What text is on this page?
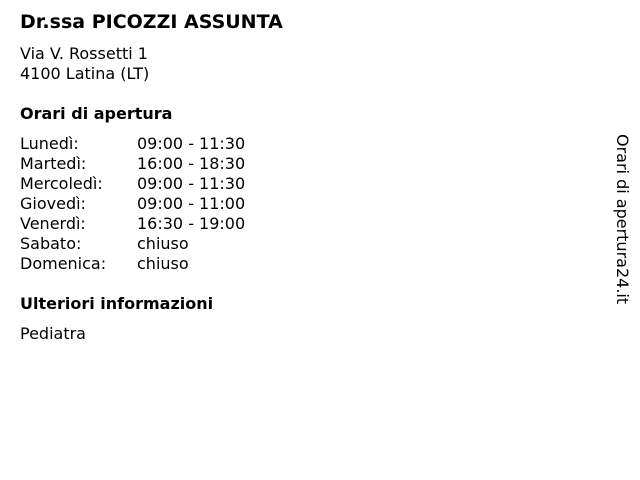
Dr.ssa PICOZZI ASSUNTA
Via V. Rossetti 1
4100 Latina (LT)
Orari di apertura
Lunedì:	09:00 - 11:30
Martedì:	16:00 - 18:30
Mercoledì: 09:00 - 11:30
Giovedì:	09:00 - 11:00
Venerdì:	16:30 - 19:00
Sabato:	chiuso
Domenica: chiuso
Ulteriori informazioni
Pediatra
Orari di apertura24.it
